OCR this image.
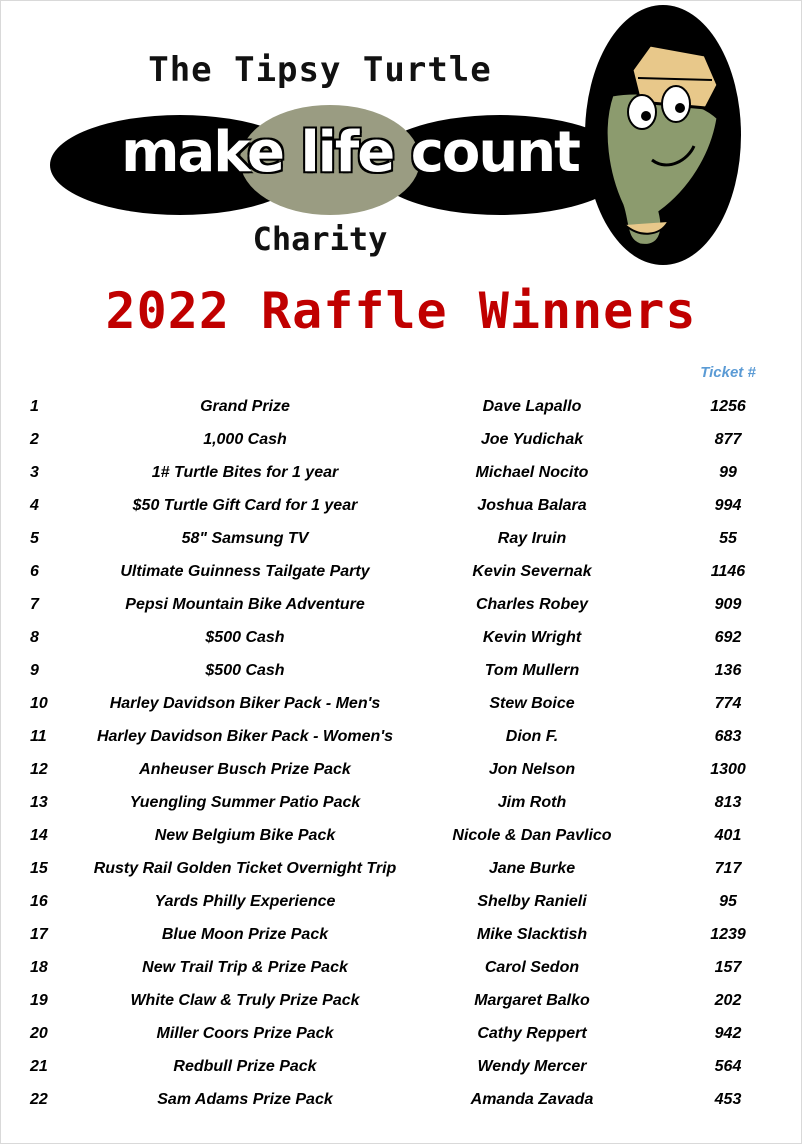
The Tipsy Turtle
make life count
Charity
2022 Raffle Winners
Ticket #
1	Grand Prize	Dave Lapallo	1256
2	1,000 Cash	Joe Yudichak	877
3	1# Turtle Bites for 1 year	Michael Nocito	99
4	$50 Turtle Gift Card for 1 year	Joshua Balara	994
5	58" Samsung TV	Ray Iruin	55
6	Ultimate Guinness Tailgate Party	Kevin Severnak	1146
7	Pepsi Mountain Bike Adventure	Charles Robey	909
8	$500 Cash	Kevin Wright	692
9	$500 Cash	Tom Mullern	136
10	Harley Davidson Biker Pack - Men's	Stew Boice	774
11	Harley Davidson Biker Pack - Women's	Dion F.	683
12	Anheuser Busch Prize Pack	Jon Nelson	1300
13	Yuengling Summer Patio Pack	Jim Roth	813
14	New Belgium Bike Pack	Nicole & Dan Pavlico	401
15	Rusty Rail Golden Ticket Overnight Trip	Jane Burke	717
16	Yards Philly Experience	Shelby Ranieli	95
17	Blue Moon Prize Pack	Mike Slacktish	1239
18	New Trail Trip & Prize Pack	Carol Sedon	157
19	White Claw & Truly Prize Pack	Margaret Balko	202
20	Miller Coors Prize Pack	Cathy Reppert	942
21	Redbull Prize Pack	Wendy Mercer	564
22	Sam Adams Prize Pack	Amanda Zavada	453
